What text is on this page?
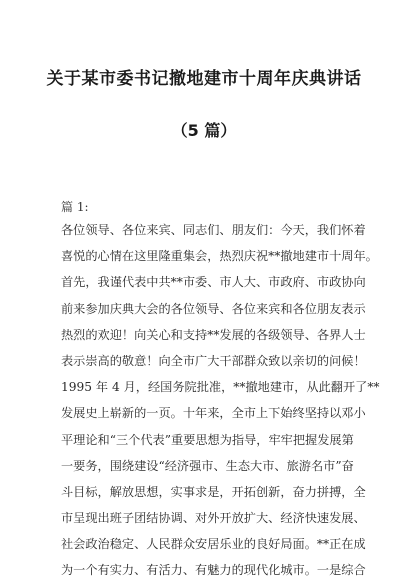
关于某市委书记撤地建市十周年庆典讲话
（5 篇）
篇 1:
各位领导、各位来宾、同志们、朋友们：今天，我们怀着
喜悦的心情在这里隆重集会，热烈庆祝**撤地建市十周年。
首先，我谨代表中共**市委、市人大、市政府、市政协向
前来参加庆典大会的各位领导、各位来宾和各位朋友表示
热烈的欢迎！向关心和支持**发展的各级领导、各界人士
表示崇高的敬意！向全市广大干部群众致以亲切的问候！
1995 年 4 月，经国务院批准，**撤地建市，从此翻开了**
发展史上崭新的一页。十年来，全市上下始终坚持以邓小
平理论和“三个代表”重要思想为指导，牢牢把握发展第
一要务，围绕建设“经济强市、生态大市、旅游名市”奋
斗目标，解放思想，实事求是，开拓创新，奋力拼搏，全
市呈现出班子团结协调、对外开放扩大、经济快速发展、
社会政治稳定、人民群众安居乐业的良好局面。**正在成
为一个有实力、有活力、有魅力的现代化城市。一是综合
